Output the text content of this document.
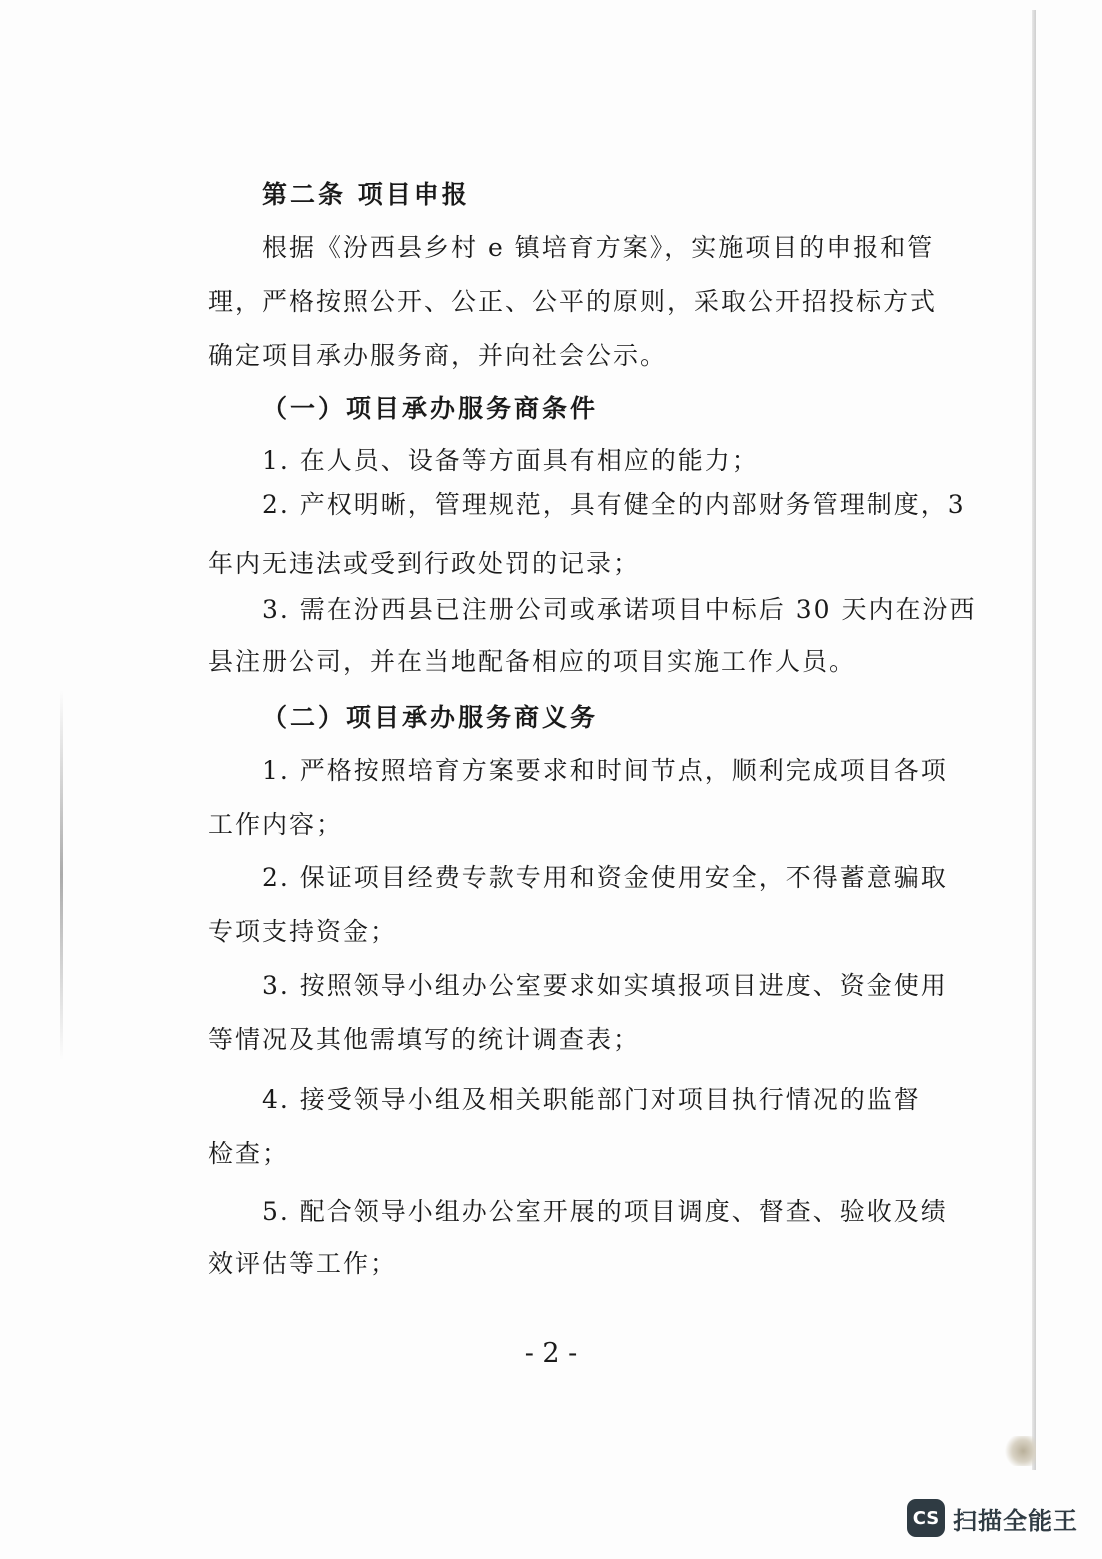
第二条 项目申报
根据《汾西县乡村 e 镇培育方案》，实施项目的申报和管
理，严格按照公开、公正、公平的原则，采取公开招投标方式
确定项目承办服务商，并向社会公示。
（一）项目承办服务商条件
1. 在人员、设备等方面具有相应的能力；
2. 产权明晰，管理规范，具有健全的内部财务管理制度，3
年内无违法或受到行政处罚的记录；
3. 需在汾西县已注册公司或承诺项目中标后 30 天内在汾西
县注册公司，并在当地配备相应的项目实施工作人员。
（二）项目承办服务商义务
1. 严格按照培育方案要求和时间节点，顺利完成项目各项
工作内容；
2. 保证项目经费专款专用和资金使用安全，不得蓄意骗取
专项支持资金；
3. 按照领导小组办公室要求如实填报项目进度、资金使用
等情况及其他需填写的统计调查表；
4. 接受领导小组及相关职能部门对项目执行情况的监督
检查；
5. 配合领导小组办公室开展的项目调度、督查、验收及绩
效评估等工作；
- 2 -
CS 扫描全能王
